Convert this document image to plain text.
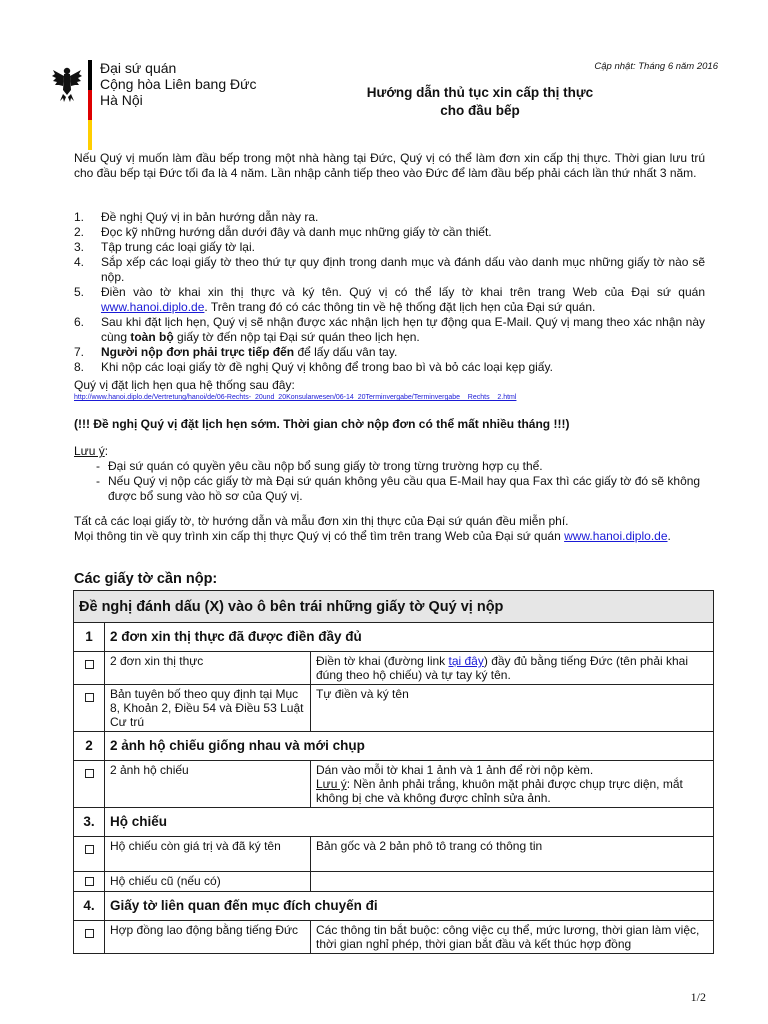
Đại sứ quán
Cộng hòa Liên bang Đức
Hà Nội
Cập nhật: Tháng 6 năm 2016
Hướng dẫn thủ tục xin cấp thị thực
cho đầu bếp
Nếu Quý vị muốn làm đầu bếp trong một nhà hàng tại Đức, Quý vị có thể làm đơn xin cấp thị thực. Thời gian lưu trú cho đầu bếp tại Đức tối đa là 4 năm. Lần nhập cảnh tiếp theo vào Đức để làm đầu bếp phải cách lần thứ nhất 3 năm.
1. Đề nghị Quý vị in bản hướng dẫn này ra.
2. Đọc kỹ những hướng dẫn dưới đây và danh mục những giấy tờ cần thiết.
3. Tập trung các loại giấy tờ lại.
4. Sắp xếp các loại giấy tờ theo thứ tự quy định trong danh mục và đánh dấu vào danh mục những giấy tờ nào sẽ nộp.
5. Điền vào tờ khai xin thị thực và ký tên. Quý vị có thể lấy tờ khai trên trang Web của Đại sứ quán www.hanoi.diplo.de. Trên trang đó có các thông tin về hệ thống đặt lịch hẹn của Đại sứ quán.
6. Sau khi đặt lịch hẹn, Quý vị sẽ nhận được xác nhận lịch hẹn tự động qua E-Mail. Quý vị mang theo xác nhận này cùng toàn bộ giấy tờ đến nộp tại Đại sứ quán theo lịch hẹn.
7. Người nộp đơn phải trực tiếp đến để lấy dấu vân tay.
8. Khi nộp các loại giấy tờ đề nghị Quý vị không để trong bao bì và bỏ các loại kẹp giấy.
Quý vị đặt lịch hẹn qua hệ thống sau đây:
http://www.hanoi.diplo.de/Vertretung/hanoi/de/06-Rechts-_20und_20Konsularwesen/06-14_20Terminvergabe/Terminvergabe__Rechts__2.html
(!!! Đề nghị Quý vị đặt lịch hẹn sớm. Thời gian chờ nộp đơn có thể mất nhiều tháng !!!)
Lưu ý:
- Đại sứ quán có quyền yêu cầu nộp bổ sung giấy tờ trong từng trường hợp cụ thể.
- Nếu Quý vị nộp các giấy tờ mà Đại sứ quán không yêu cầu qua E-Mail hay qua Fax thì các giấy tờ đó sẽ không được bổ sung vào hồ sơ của Quý vị.
Tất cả các loại giấy tờ, tờ hướng dẫn và mẫu đơn xin thị thực của Đại sứ quán đều miễn phí.
Mọi thông tin về quy trình xin cấp thị thực Quý vị có thể tìm trên trang Web của Đại sứ quán www.hanoi.diplo.de.
Các giấy tờ cần nộp:
Đề nghị đánh dấu (X) vào ô bên trái những giấy tờ Quý vị nộp		
1	2 đơn xin thị thực đã được điền đầy đủ	
	2 đơn xin thị thực	Điền tờ khai (đường link tại đây) đầy đủ bằng tiếng Đức (tên phải khai đúng theo hộ chiếu) và tự tay ký tên.
	Bản tuyên bố theo quy định tại Mục 8, Khoản 2, Điều 54 và Điều 53 Luật Cư trú	Tự điền và ký tên
2	2 ảnh hộ chiếu giống nhau và mới chụp	
	2 ảnh hộ chiếu	Dán vào mỗi tờ khai 1 ảnh và 1 ảnh để rời nộp kèm.
Lưu ý: Nền ảnh phải trắng, khuôn mặt phải được chụp trực diện, mắt không bị che và không được chỉnh sửa ảnh.

3.	Hộ chiếu	
	Hộ chiếu còn giá trị và đã ký tên	Bản gốc và 2 bản phô tô trang có thông tin
	Hộ chiếu cũ (nếu có)	
4.	Giấy tờ liên quan đến mục đích chuyến đi	
	Hợp đồng lao động bằng tiếng Đức	Các thông tin bắt buộc: công việc cụ thể, mức lương, thời gian làm việc, thời gian nghỉ phép, thời gian bắt đầu và kết thúc hợp đồng
1/2
